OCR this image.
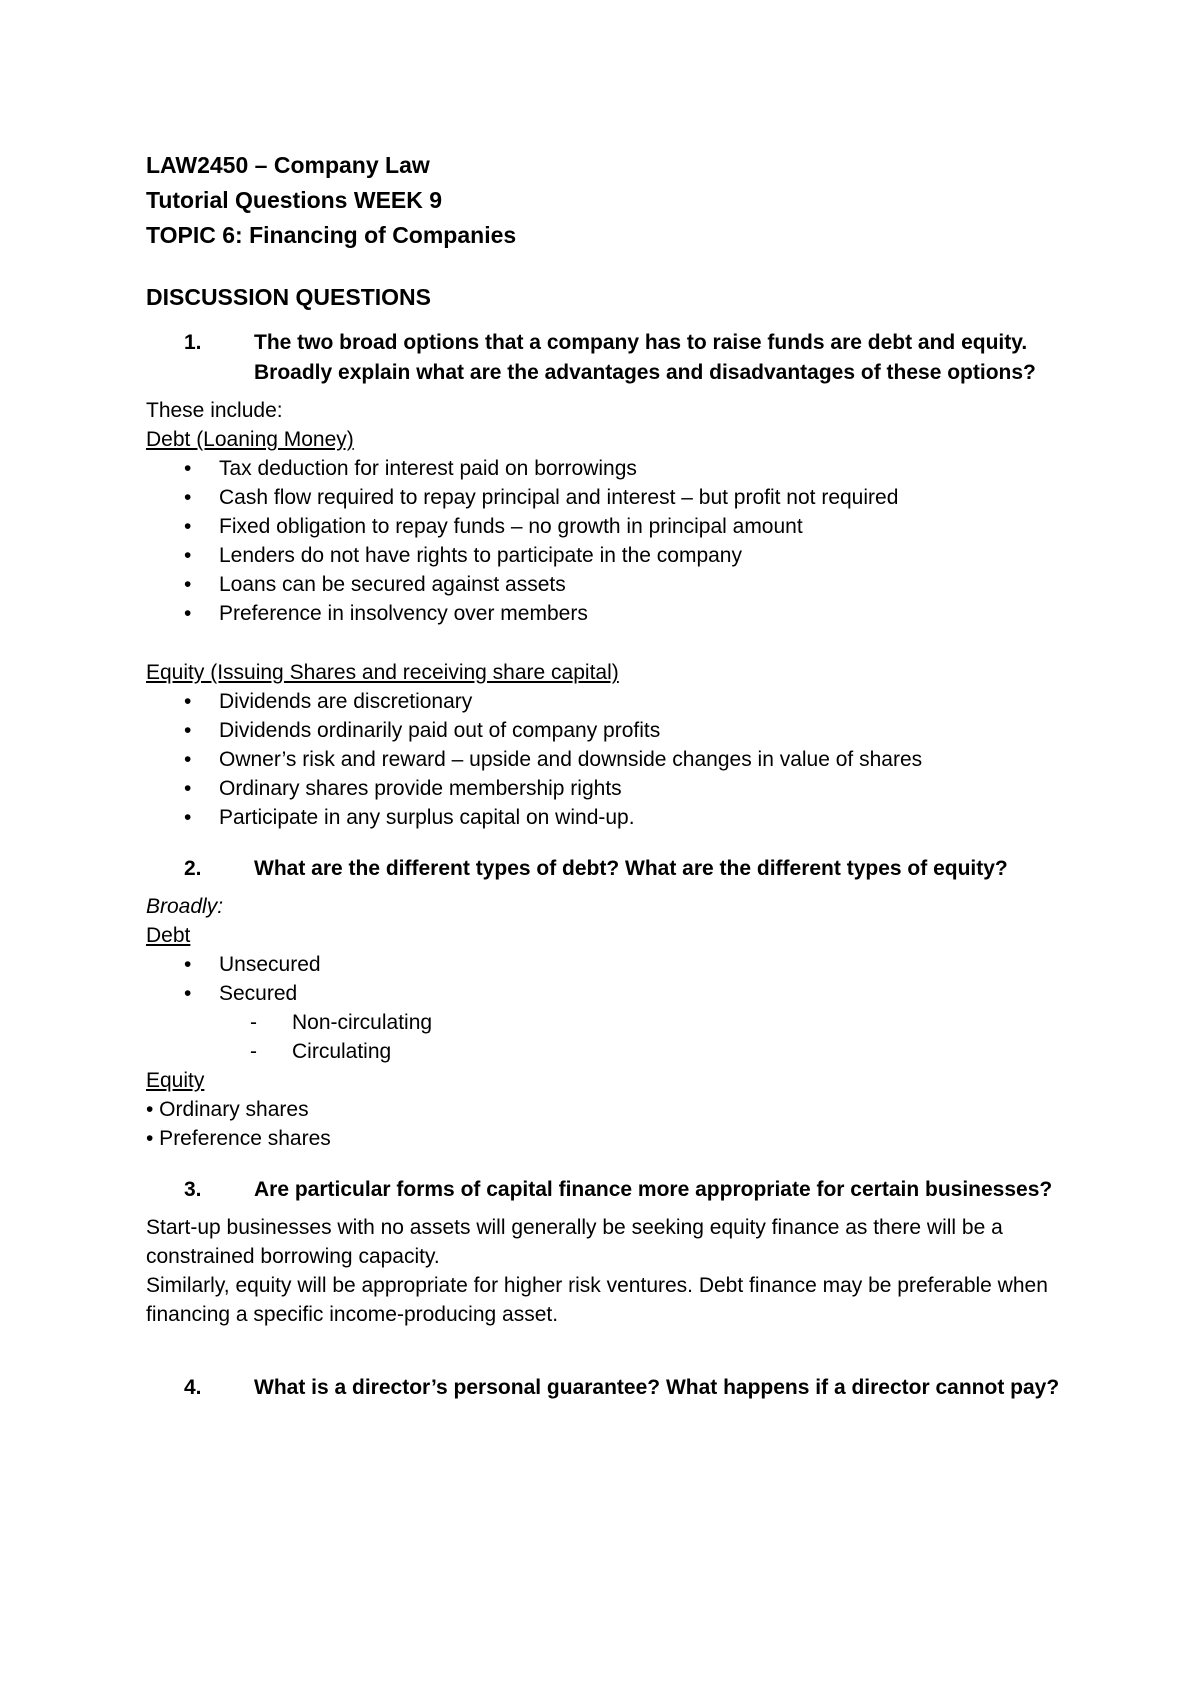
LAW2450 – Company Law
Tutorial Questions WEEK 9
TOPIC 6: Financing of Companies
DISCUSSION QUESTIONS
1.	The two broad options that a company has to raise funds are debt and equity. Broadly explain what are the advantages and disadvantages of these options?
These include:
Debt (Loaning Money)
• Tax deduction for interest paid on borrowings
• Cash flow required to repay principal and interest – but profit not required
• Fixed obligation to repay funds – no growth in principal amount
• Lenders do not have rights to participate in the company
• Loans can be secured against assets
• Preference in insolvency over members
Equity (Issuing Shares and receiving share capital)
• Dividends are discretionary
• Dividends ordinarily paid out of company profits
• Owner’s risk and reward – upside and downside changes in value of shares
• Ordinary shares provide membership rights
• Participate in any surplus capital on wind-up.
2.	What are the different types of debt? What are the different types of equity?
Broadly:
Debt
• Unsecured
• Secured
- Non-circulating
- Circulating
Equity
• Ordinary shares
• Preference shares
3.	Are particular forms of capital finance more appropriate for certain businesses?
Start-up businesses with no assets will generally be seeking equity finance as there will be a constrained borrowing capacity.
Similarly, equity will be appropriate for higher risk ventures. Debt finance may be preferable when financing a specific income-producing asset.
4.	What is a director’s personal guarantee? What happens if a director cannot pay?
